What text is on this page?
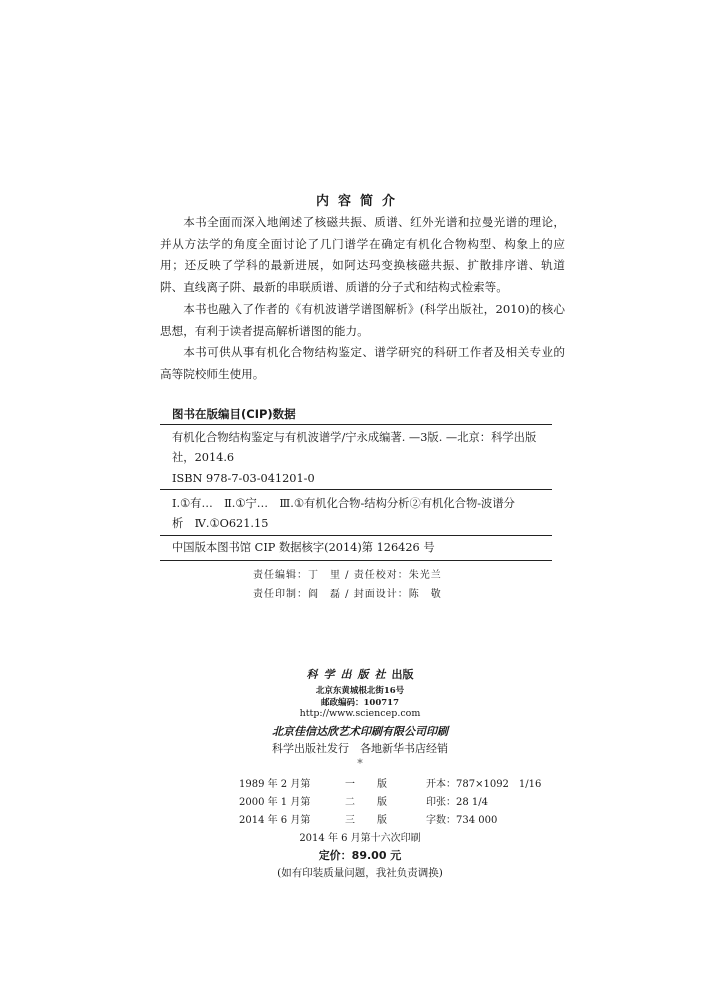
内容简介

本书全面而深入地阐述了核磁共振、质谱、红外光谱和拉曼光谱的理论，并从方法学的角度全面讨论了几门谱学在确定有机化合物构型、构象上的应用；还反映了学科的最新进展，如阿达玛变换核磁共振、扩散排序谱、轨道阱、直线离子阱、最新的串联质谱、质谱的分子式和结构式检索等。

本书也融入了作者的《有机波谱学谱图解析》(科学出版社，2010)的核心思想，有利于读者提高解析谱图的能力。

本书可供从事有机化合物结构鉴定、谱学研究的科研工作者及相关专业的高等院校师生使用。

图书在版编目(CIP)数据
有机化合物结构鉴定与有机波谱学/宁永成编著. —3版. —北京：科学出版
社，2014.6
ISBN 978-7-03-041201-0
Ⅰ.①有…　Ⅱ.①宁…　Ⅲ.①有机化合物-结构分析②有机化合物-波谱分
析　Ⅳ.①O621.15
中国版本图书馆 CIP 数据核字(2014)第 126426 号
责任编辑：丁　里 / 责任校对：朱光兰
责任印制：阎　磊 / 封面设计：陈　敬
科学出版社出版
北京东黄城根北街16号
邮政编码：100717
http://www.sciencep.com
北京佳信达欣艺术印刷有限公司印刷
科学出版社发行　各地新华书店经销
*
1989 年 2 月第	一 版	开本：787×1092　1/16
2000 年 1 月第	二 版	印张：28 1/4
2014 年 6 月第	三 版	字数：734 000
2014 年 6 月第十六次印刷
定价：89.00 元
(如有印装质量问题，我社负责调换)
